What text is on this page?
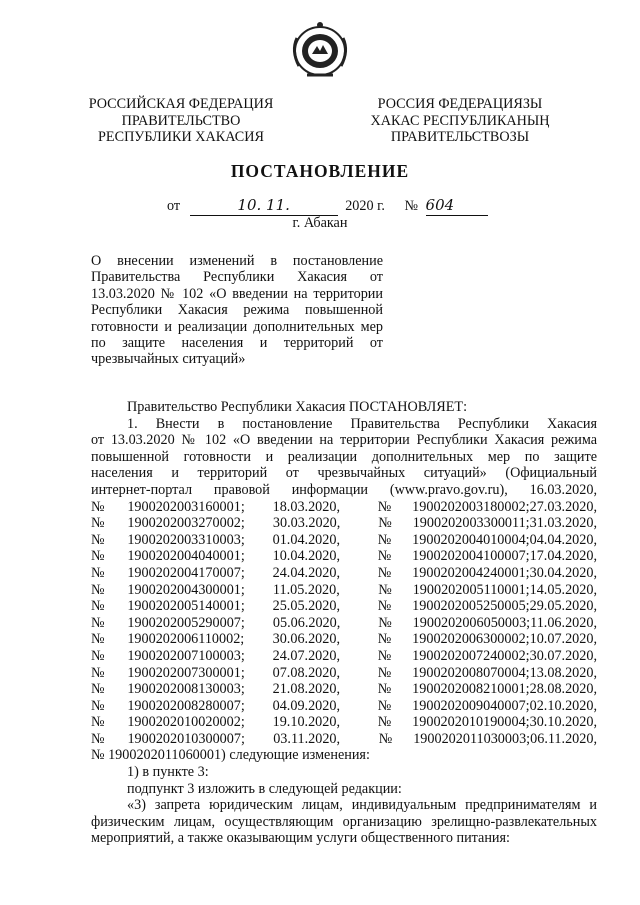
РОССИЙСКАЯ ФЕДЕРАЦИЯ
ПРАВИТЕЛЬСТВО
РЕСПУБЛИКИ ХАКАСИЯ
РОССИЯ ФЕДЕРАЦИЯЗЫ
ХАКАС РЕСПУБЛИКАНЫҢ
ПРАВИТЕЛЬСТВОЗЫ
ПОСТАНОВЛЕНИЕ
от	10. 11.	2020 г. № 604
г. Абакан
О внесении изменений в постановление Правительства Республики Хакасия от 13.03.2020 № 102 «О введении на территории Республики Хакасия режима повышенной готовности и реализации дополнительных мер по защите населения и территорий от чрезвычайных ситуаций»
Правительство Республики Хакасия ПОСТАНОВЛЯЕТ:
1. Внести в постановление Правительства Республики Хакасия
от 13.03.2020 № 102 «О введении на территории Республики Хакасия режима
повышенной готовности и реализации дополнительных мер по защите
населения и территорий от чрезвычайных ситуаций» (Официальный
интернет-портал правовой информации (www.pravo.gov.ru), 16.03.2020,
№	1900202003160001;	18.03.2020,	№	1900202003180002; 27.03.2020,
№	1900202003270002;	30.03.2020,	№	1900202003300011; 31.03.2020,
№	1900202003310003;	01.04.2020,	№	1900202004010004; 04.04.2020,
№	1900202004040001;	10.04.2020,	№	1900202004100007; 17.04.2020,
№	1900202004170007;	24.04.2020,	№	1900202004240001; 30.04.2020,
№	1900202004300001;	11.05.2020,	№	1900202005110001; 14.05.2020,
№	1900202005140001;	25.05.2020,	№	1900202005250005; 29.05.2020,
№	1900202005290007;	05.06.2020,	№	1900202006050003; 11.06.2020,
№	1900202006110002;	30.06.2020,	№	1900202006300002; 10.07.2020,
№	1900202007100003;	24.07.2020,	№	1900202007240002; 30.07.2020,
№	1900202007300001;	07.08.2020,	№	1900202008070004; 13.08.2020,
№	1900202008130003;	21.08.2020,	№	1900202008210001; 28.08.2020,
№	1900202008280007;	04.09.2020,	№	1900202009040007; 02.10.2020,
№	1900202010020002;	19.10.2020,	№	1900202010190004; 30.10.2020,
№	1900202010300007;	03.11.2020,	№	1900202011030003; 06.11.2020,
№ 1900202011060001) следующие изменения:
1) в пункте 3:
подпункт 3 изложить в следующей редакции:
«3) запрета юридическим лицам, индивидуальным предпринимателям и
физическим лицам, осуществляющим организацию зрелищно-развлекательных
мероприятий, а также оказывающим услуги общественного питания:
